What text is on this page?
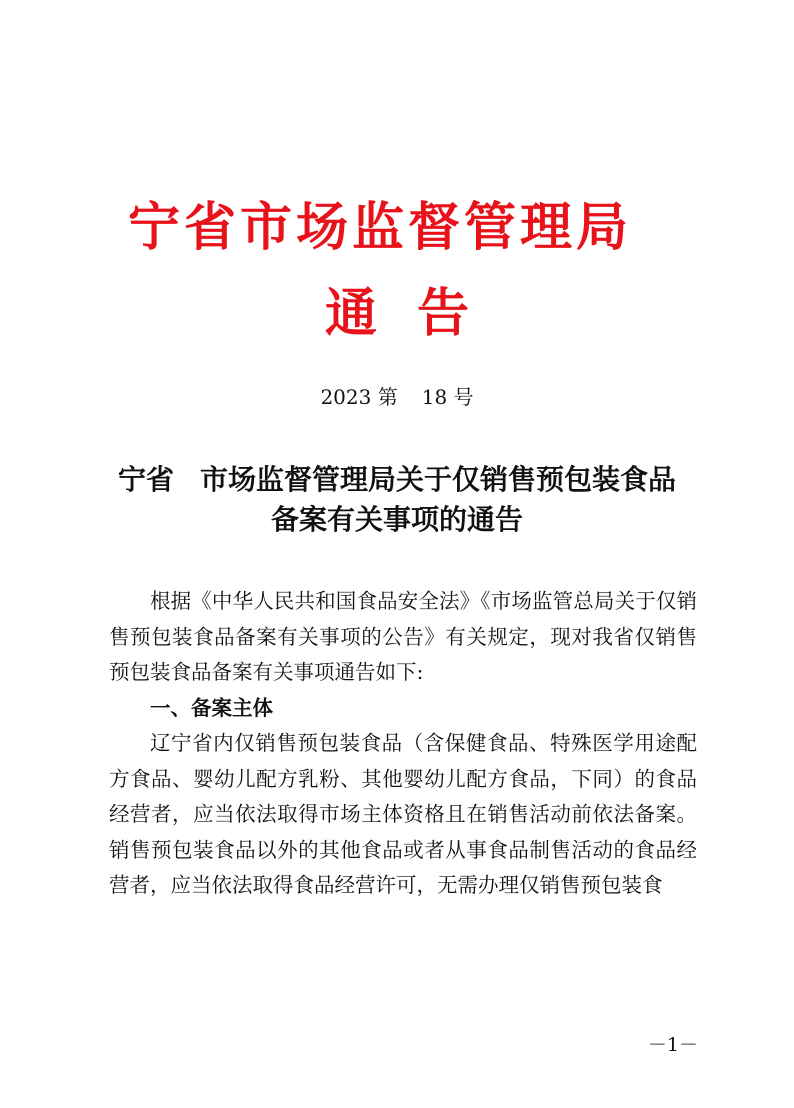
宁省市场监督管理局
通 告
2023 第 18 号
宁省 市场监督管理局关于仅销售预包装食品
备案有关事项的通告

根据《中华人民共和国食品安全法》《市场监管总局关于仅销售预包装食品备案有关事项的公告》有关规定，现对我省仅销售预包装食品备案有关事项通告如下:

一、备案主体

辽宁省内仅销售预包装食品（含保健食品、特殊医学用途配方食品、婴幼儿配方乳粉、其他婴幼儿配方食品，下同）的食品经营者，应当依法取得市场主体资格且在销售活动前依法备案。销售预包装食品以外的其他食品或者从事食品制售活动的食品经营者，应当依法取得食品经营许可，无需办理仅销售预包装食

－1－
